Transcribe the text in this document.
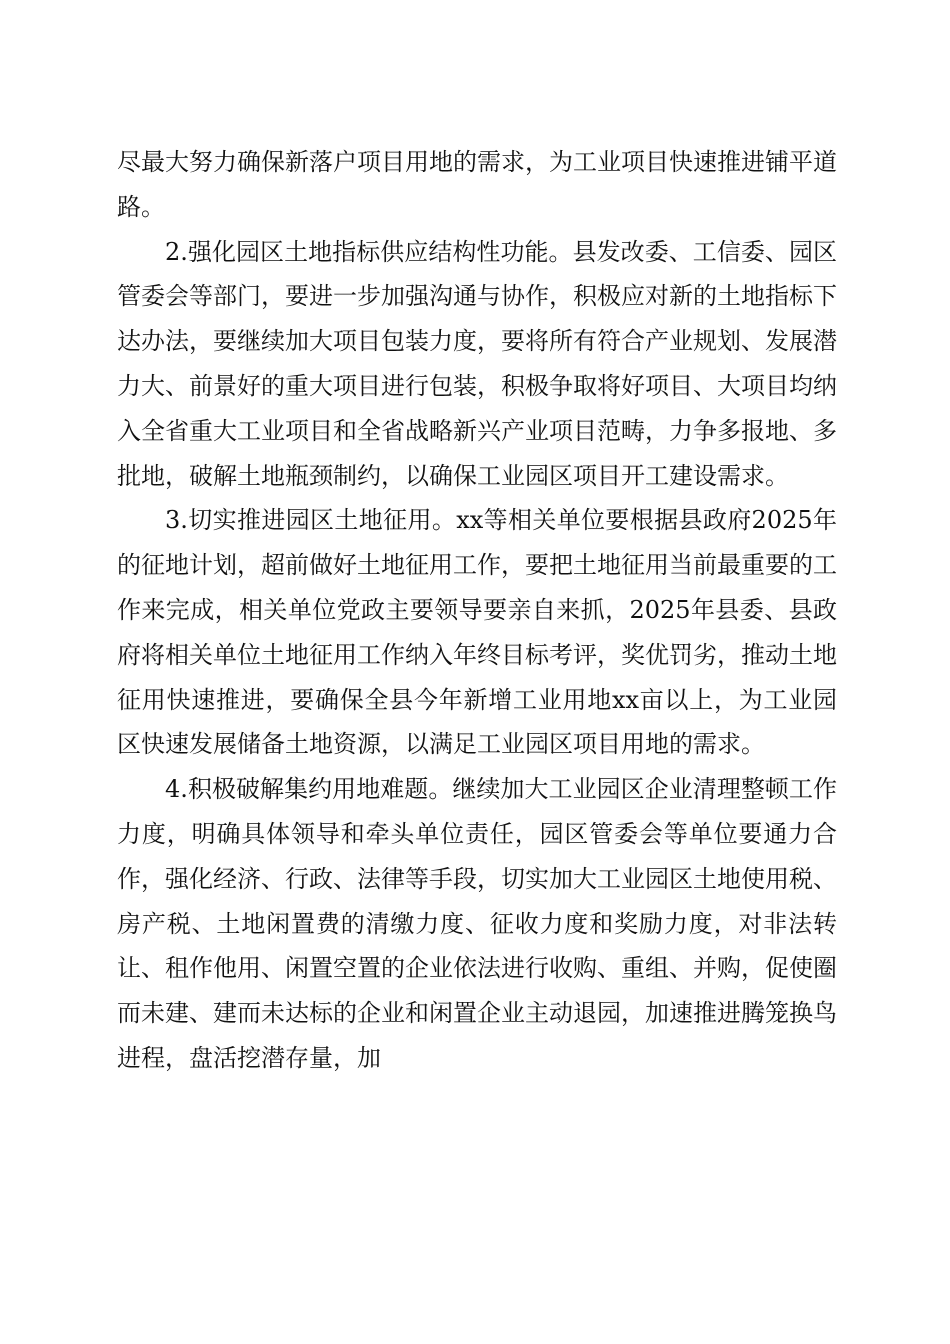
尽最大努力确保新落户项目用地的需求，为工业项目快速推进铺平道路。

2.强化园区土地指标供应结构性功能。县发改委、工信委、园区管委会等部门，要进一步加强沟通与协作，积极应对新的土地指标下达办法，要继续加大项目包装力度，要将所有符合产业规划、发展潜力大、前景好的重大项目进行包装，积极争取将好项目、大项目均纳入全省重大工业项目和全省战略新兴产业项目范畴，力争多报地、多批地，破解土地瓶颈制约，以确保工业园区项目开工建设需求。

3.切实推进园区土地征用。xx等相关单位要根据县政府2025年的征地计划，超前做好土地征用工作，要把土地征用当前最重要的工作来完成，相关单位党政主要领导要亲自来抓，2025年县委、县政府将相关单位土地征用工作纳入年终目标考评，奖优罚劣，推动土地征用快速推进，要确保全县今年新增工业用地xx亩以上，为工业园区快速发展储备土地资源，以满足工业园区项目用地的需求。

4.积极破解集约用地难题。继续加大工业园区企业清理整顿工作力度，明确具体领导和牵头单位责任，园区管委会等单位要通力合作，强化经济、行政、法律等手段，切实加大工业园区土地使用税、房产税、土地闲置费的清缴力度、征收力度和奖励力度，对非法转让、租作他用、闲置空置的企业依法进行收购、重组、并购，促使圈而未建、建而未达标的企业和闲置企业主动退园，加速推进腾笼换鸟进程，盘活挖潜存量，加
